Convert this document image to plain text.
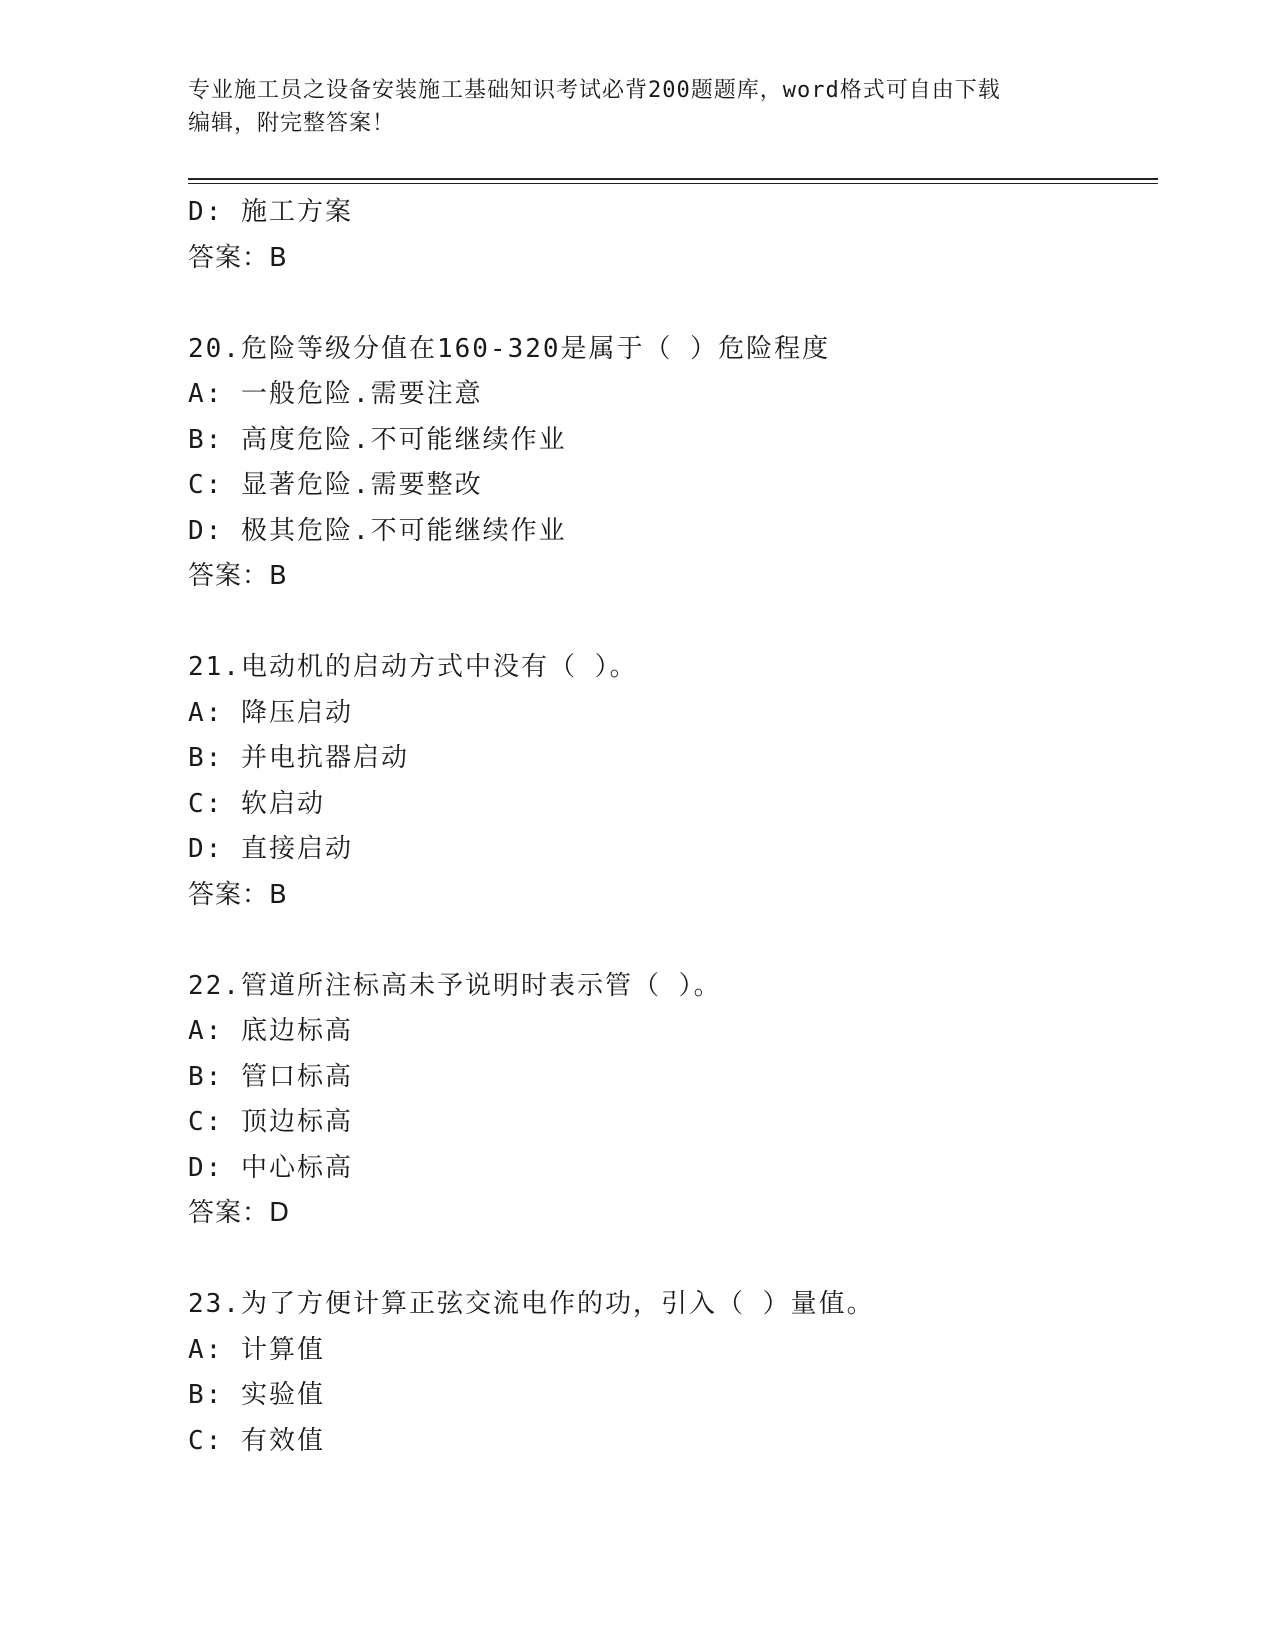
专业施工员之设备安装施工基础知识考试必背200题题库，word格式可自由下载
编辑，附完整答案！
D: 施工方案
答案：B
20.危险等级分值在160-320是属于（ ）危险程度
A: 一般危险.需要注意
B: 高度危险.不可能继续作业
C: 显著危险.需要整改
D: 极其危险.不可能继续作业
答案：B
21.电动机的启动方式中没有（ ）。
A: 降压启动
B: 并电抗器启动
C: 软启动
D: 直接启动
答案：B
22.管道所注标高未予说明时表示管（ ）。
A: 底边标高
B: 管口标高
C: 顶边标高
D: 中心标高
答案：D
23.为了方便计算正弦交流电作的功，引入（ ）量值。
A: 计算值
B: 实验值
C: 有效值
